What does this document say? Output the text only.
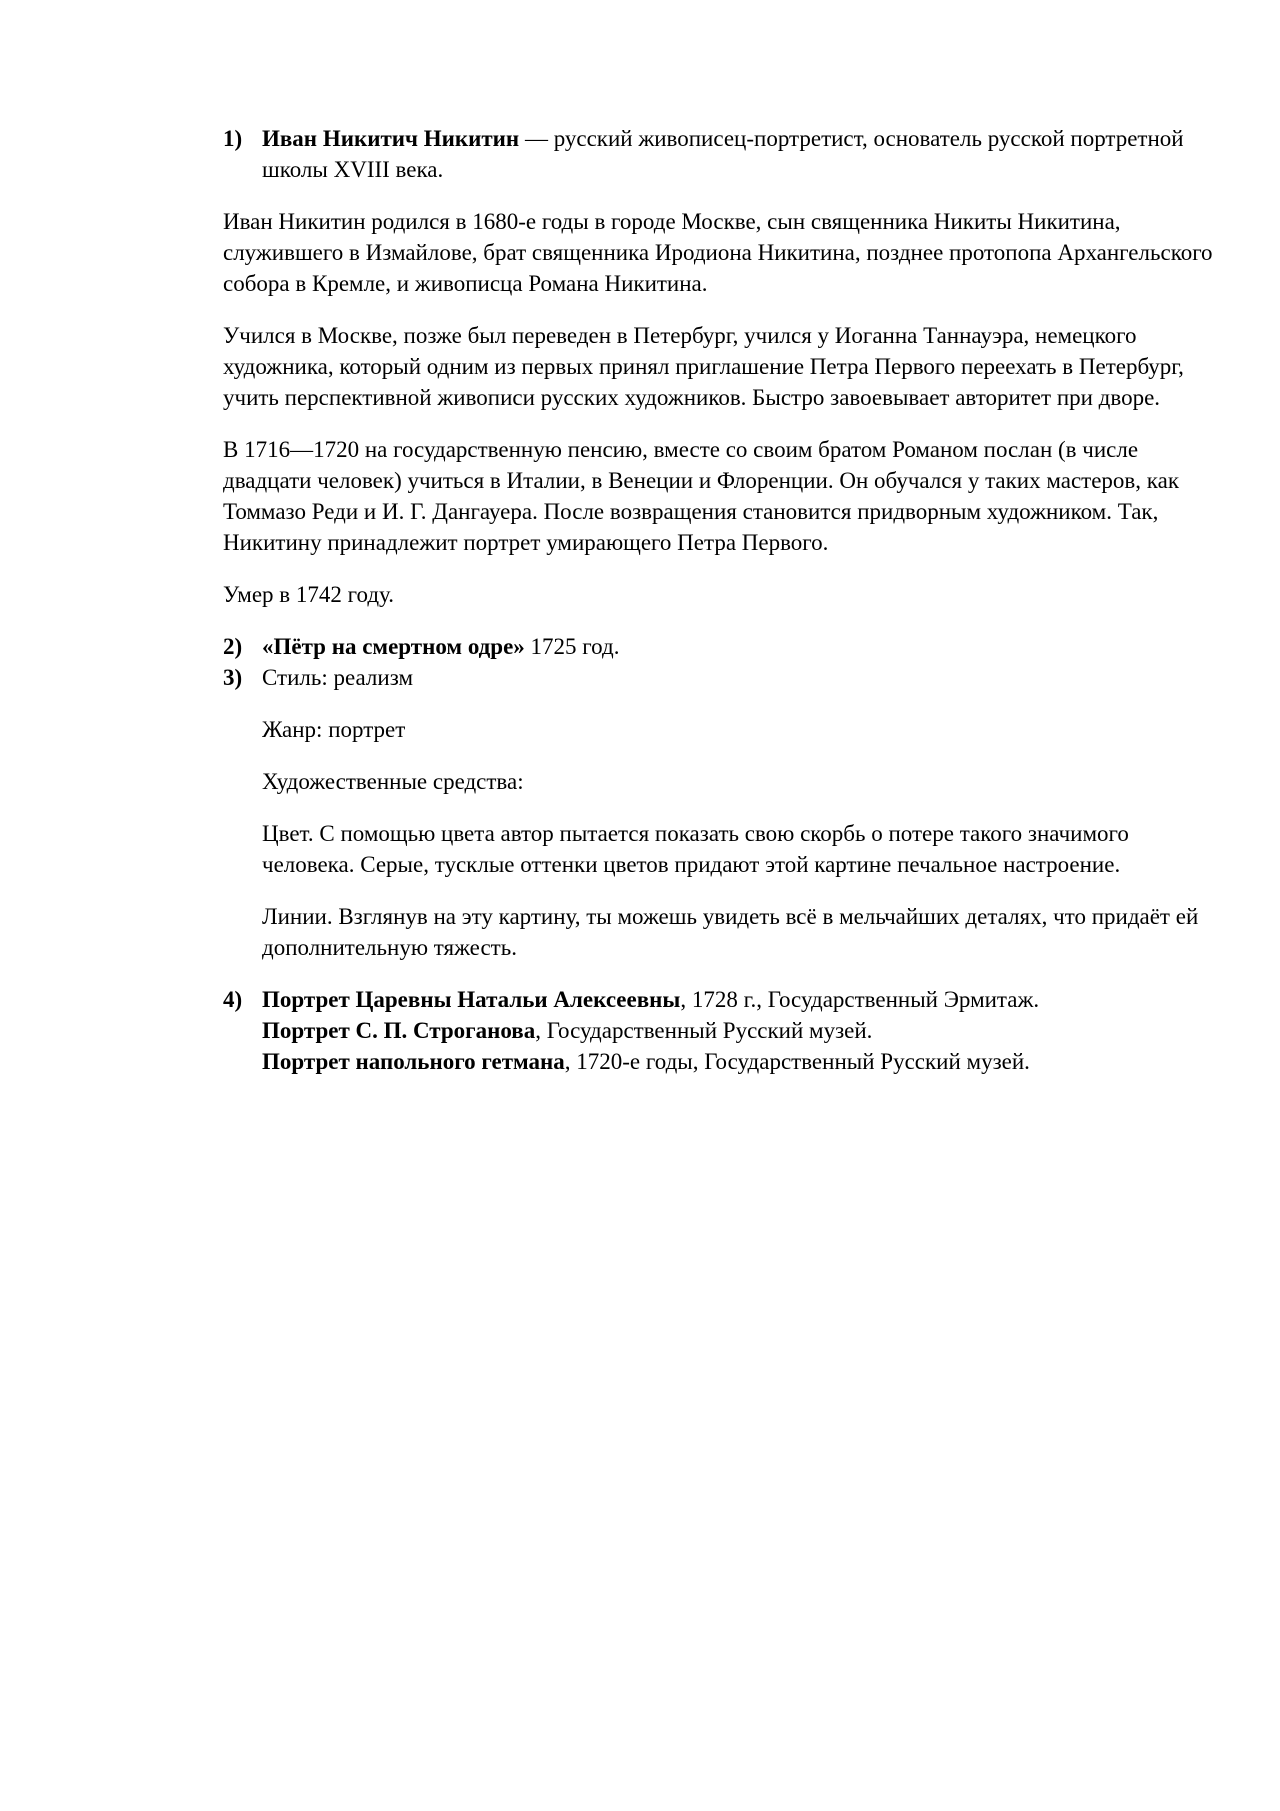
1) Иван Никитич Никитин — русский живописец-портретист, основатель русской портретной школы XVIII века.

Иван Никитин родился в 1680-е годы в городе Москве, сын священника Никиты Никитина, служившего в Измайлове, брат священника Иродиона Никитина, позднее протопопа Архангельского собора в Кремле, и живописца Романа Никитина.

Учился в Москве, позже был переведен в Петербург, учился у Иоганна Таннауэра, немецкого художника, который одним из первых принял приглашение Петра Первого переехать в Петербург, учить перспективной живописи русских художников. Быстро завоевывает авторитет при дворе.

В 1716—1720 на государственную пенсию, вместе со своим братом Романом послан (в числе двадцати человек) учиться в Италии, в Венеции и Флоренции. Он обучался у таких мастеров, как Томмазо Реди и И. Г. Дангауера. После возвращения становится придворным художником. Так, Никитину принадлежит портрет умирающего Петра Первого.

Умер в 1742 году.

2) «Пётр на смертном одре» 1725 год.

3) Стиль: реализм

Жанр: портрет

Художественные средства:

Цвет. С помощью цвета автор пытается показать свою скорбь о потере такого значимого человека. Серые, тусклые оттенки цветов придают этой картине печальное настроение.

Линии. Взглянув на эту картину, ты можешь увидеть всё в мельчайших деталях, что придаёт ей дополнительную тяжесть.

4) Портрет Царевны Натальи Алексеевны, 1728 г., Государственный Эрмитаж.
Портрет С. П. Строганова, Государственный Русский музей.
Портрет напольного гетмана, 1720-е годы, Государственный Русский музей.
